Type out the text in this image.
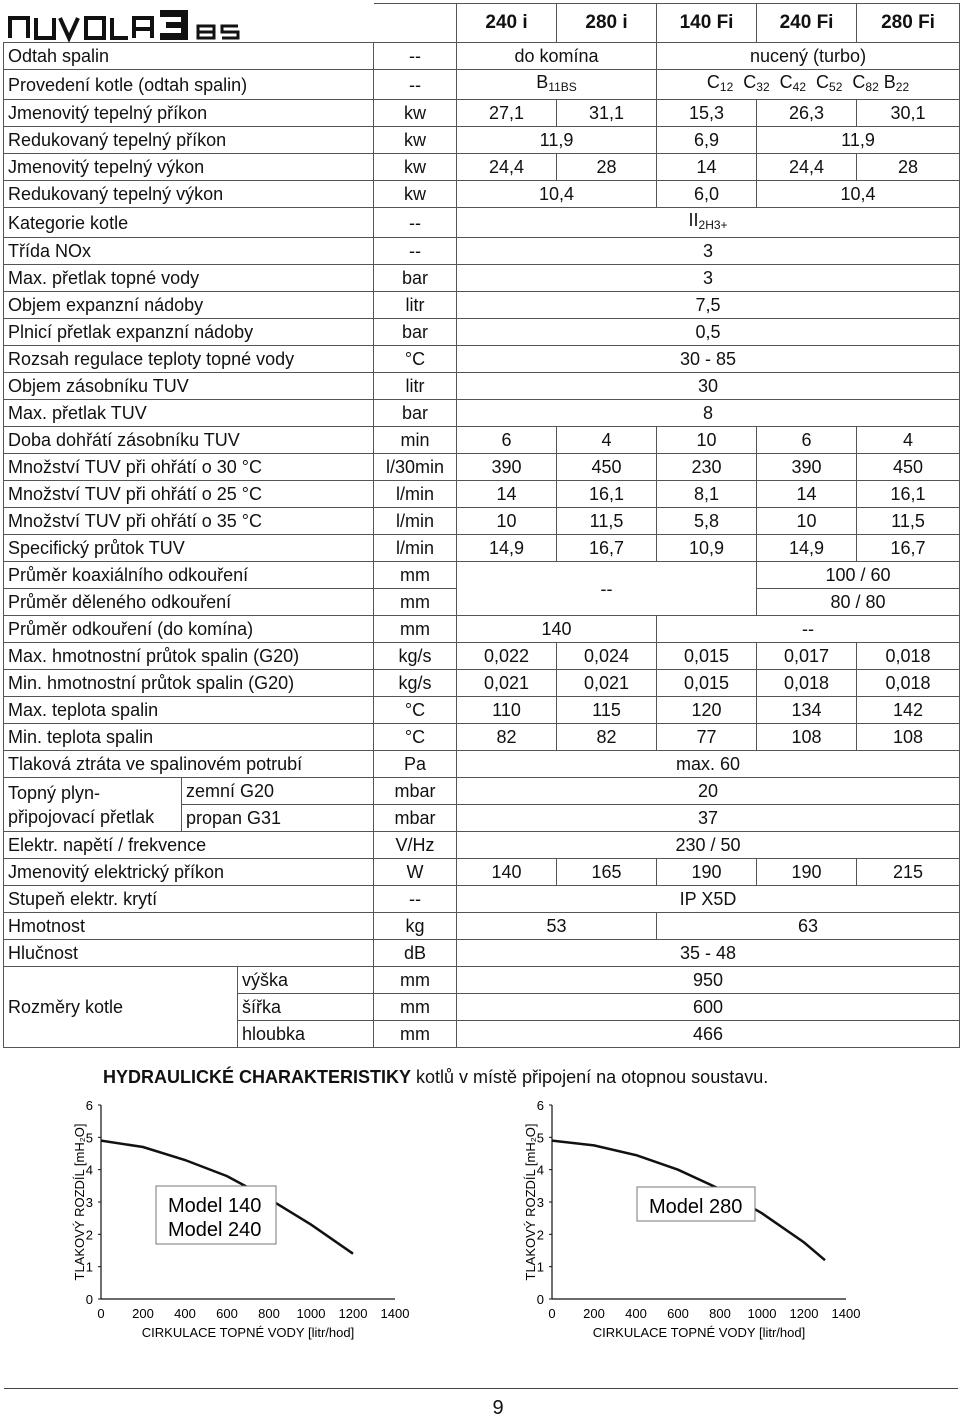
				240 i	280 i	140 Fi	240 Fi	280 Fi
Odtah spalin			--	do komína		nucený (turbo)		
Provedení kotle (odtah spalin)			--	$B_{11BS}$		$C_{12}$  $C_{32}$  $C_{42}$  $C_{52}$  $C_{82}$ $B_{22}$
Jmenovitý tepelný příkon			kw	27,1	31,1	15,3	26,3	30,1
Redukovaný tepelný příkon			kw	11,9		6,9	11,9	
Jmenovitý tepelný výkon			kw	24,4	28	14	24,4	28
Redukovaný tepelný výkon			kw	10,4		6,0	10,4	
Kategorie kotle			--	$II_{2H3+}$
Třída NOx			--	3				
Max. přetlak topné vody			bar	3				
Objem expanzní nádoby			litr	7,5				
Plnicí přetlak expanzní nádoby			bar	0,5				
Rozsah regulace teploty topné vody			°C	30 - 85				
Objem zásobníku TUV			litr	30				
Max. přetlak TUV			bar	8				
Doba dohřátí zásobníku TUV			min	6	4	10	6	4
Množství TUV při ohřátí o 30 °C			l/30min	390	450	230	390	450
Množství TUV při ohřátí o 25 °C			l/min	14	16,1	8,1	14	16,1
Množství TUV při ohřátí o 35 °C			l/min	10	11,5	5,8	10	11,5
Specifický průtok TUV			l/min	14,9	16,7	10,9	14,9	16,7
Průměr koaxiálního odkouření			mm	--			100 / 60	
Průměr děleného odkouření			mm				80 / 80	
Průměr odkouření (do komína)			mm	140		--		
Max. hmotnostní průtok spalin (G20)			kg/s	0,022	0,024	0,015	0,017	0,018
Min. hmotnostní průtok spalin (G20)			kg/s	0,021	0,021	0,015	0,018	0,018
Max. teplota spalin			°C	110	115	120	134	142
Min. teplota spalin			°C	82	82	77	108	108
Tlaková ztráta ve spalinovém potrubí			Pa	max. 60				
Topný plyn-
připojovací přetlak	zemní G20		mbar	20				
	propan G31		mbar	37				
Elektr. napětí / frekvence			V/Hz	230 / 50				
Jmenovitý elektrický příkon			W	140	165	190	190	215
Stupeň elektr. krytí			--	IP X5D				
Hmotnost			kg	53		63		
Hlučnost			dB	35 - 48				
Rozměry kotle		výška	mm	950				
		šířka	mm	600				
		hloubka	mm	466				
HYDRAULICKÉ CHARAKTERISTIKY kotlů v místě připojení na otopnou soustavu.
0
1
2
3
4
5
6
0 200 400 600 800 1000 1200 1400
TLAKOVÝ ROZDÍL [mH₂O]
CIRKULACE TOPNÉ VODY [litr/hod]
Model 140
Model 240
0
1
2
3
4
5
6
0 200 400 600 800 1000 1200 1400
TLAKOVÝ ROZDÍL [mH₂O]
CIRKULACE TOPNÉ VODY [litr/hod]
Model 280
9
